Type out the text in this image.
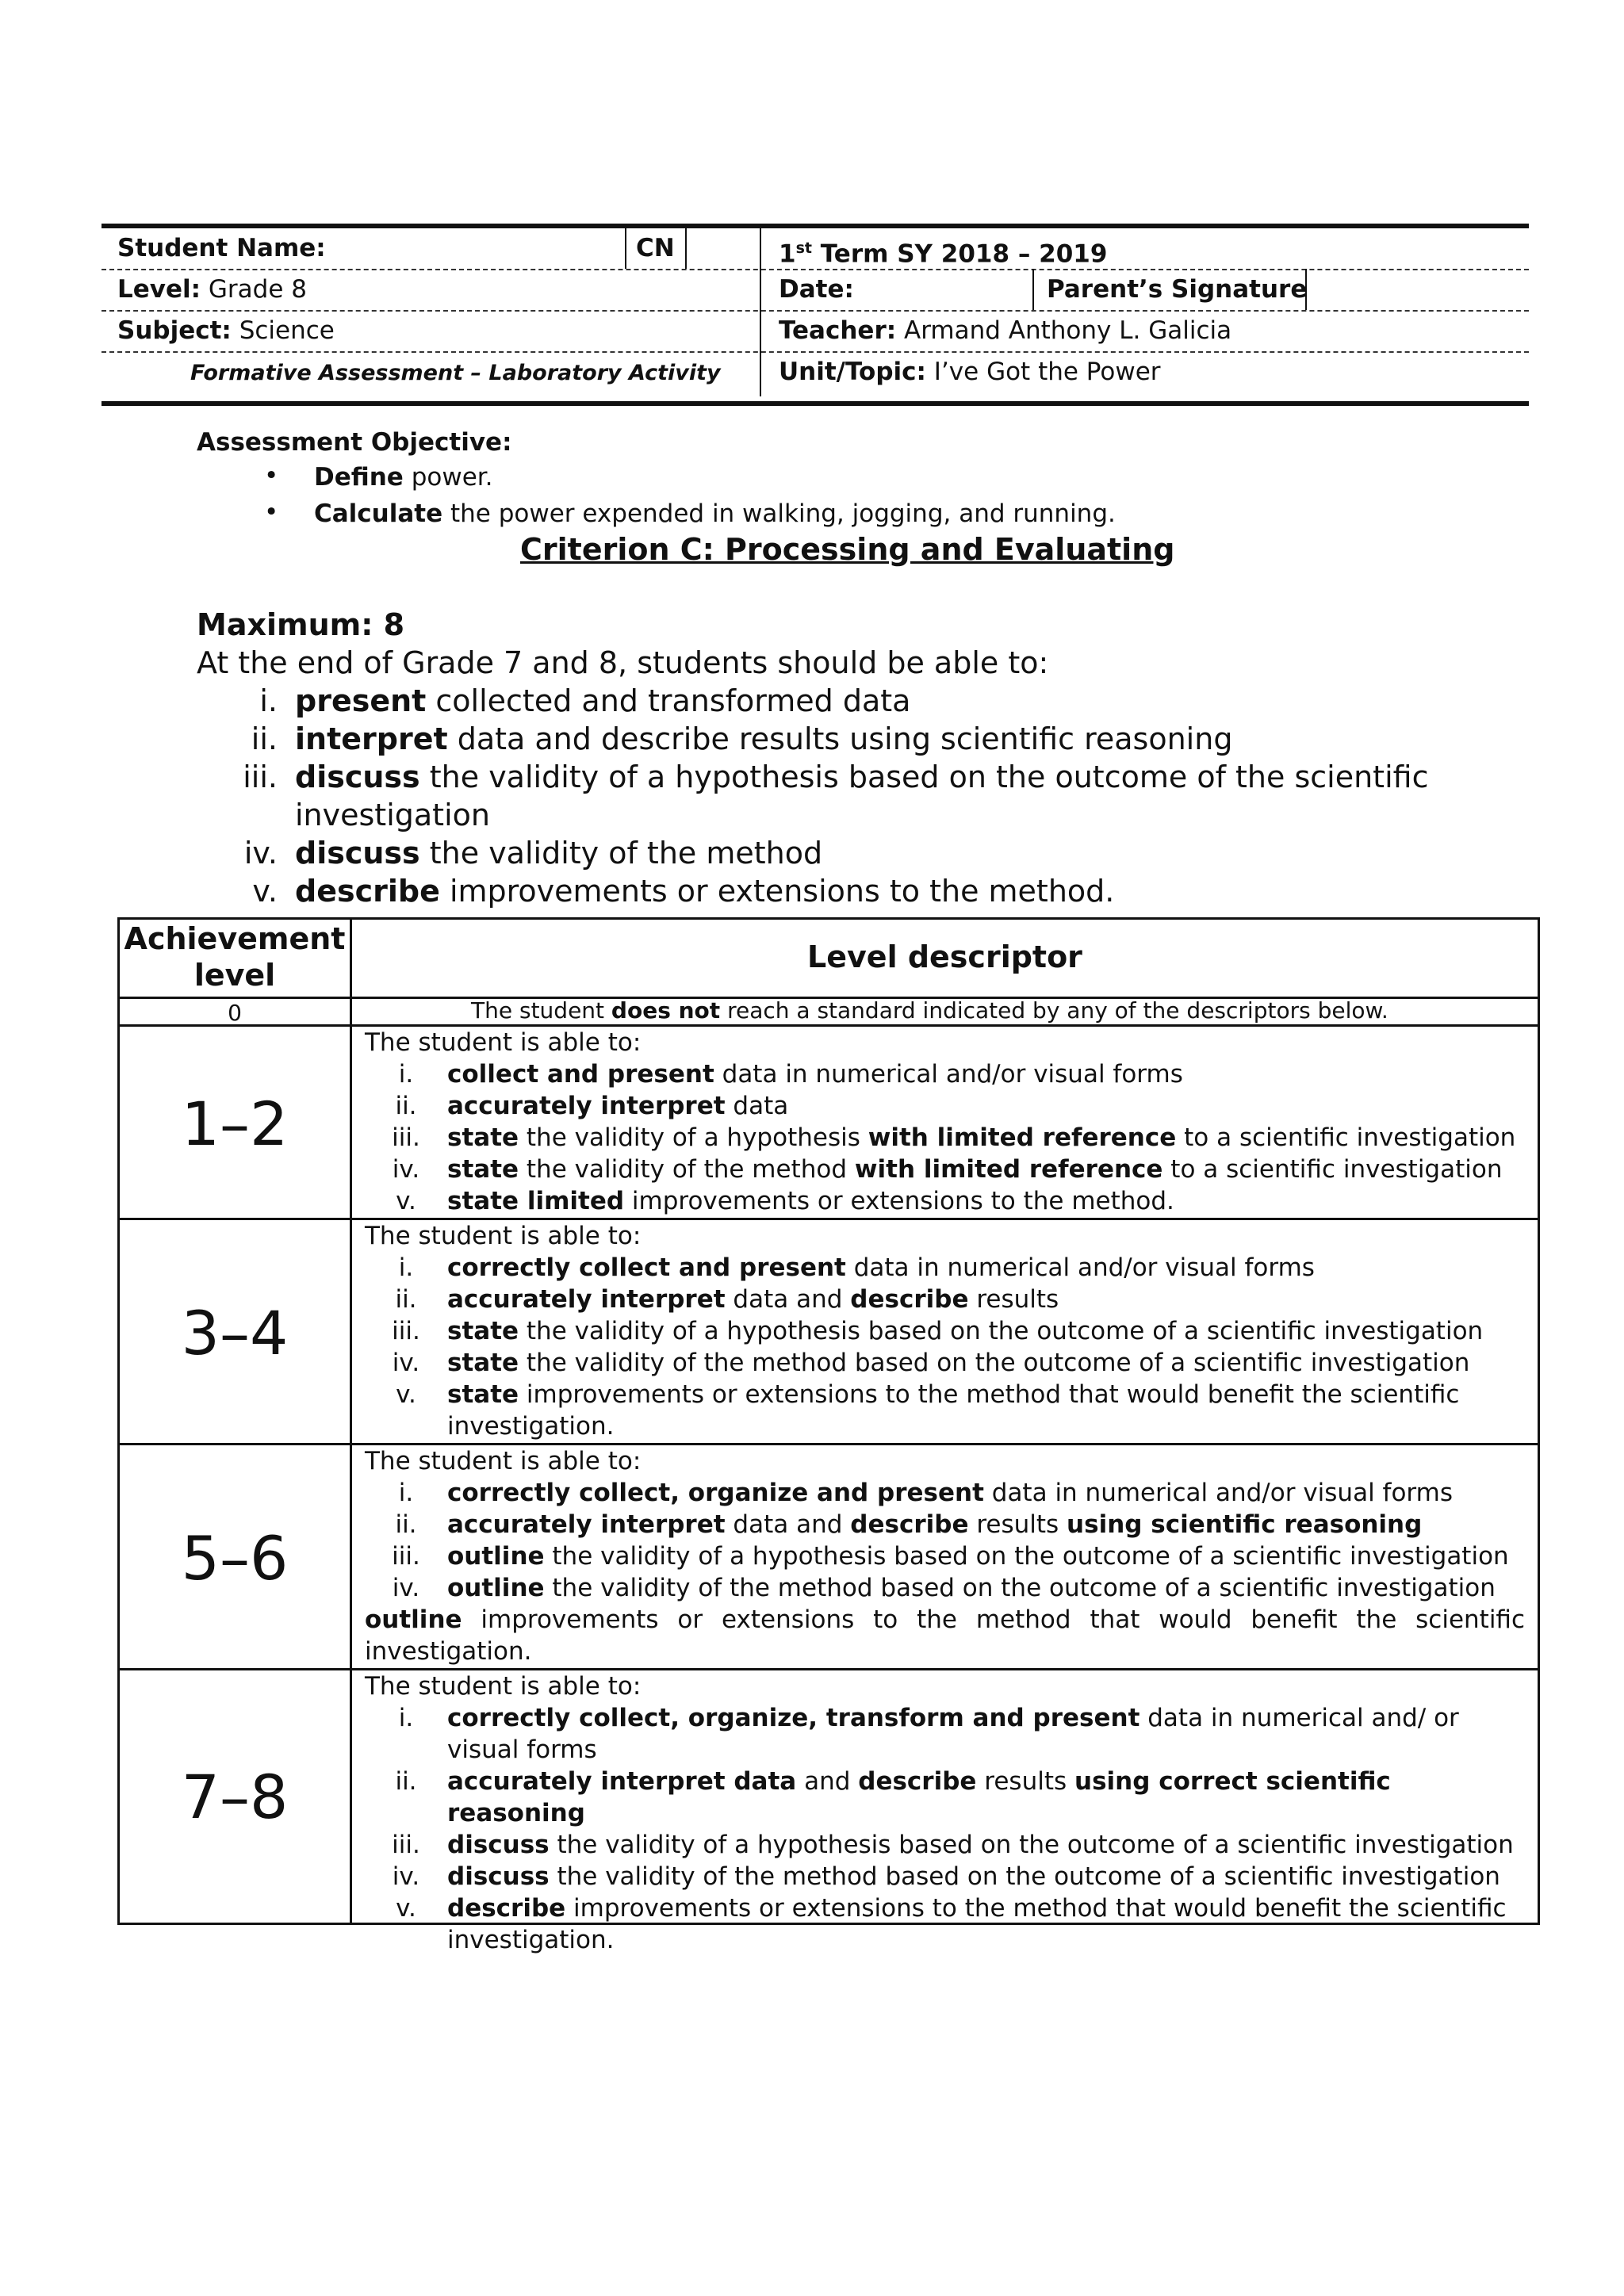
Student Name:	CN	1st Term SY 2018 – 2019
Level: Grade 8	Date:	Parent’s Signature
Subject: Science	Teacher: Armand Anthony L. Galicia
Formative Assessment – Laboratory Activity Unit/Topic: I’ve Got the Power
Assessment Objective:
• Define power.
• Calculate the power expended in walking, jogging, and running.
Criterion C: Processing and Evaluating
Maximum: 8
At the end of Grade 7 and 8, students should be able to:
i. present collected and transformed data
ii. interpret data and describe results using scientific reasoning
iii. discuss the validity of a hypothesis based on the outcome of the scientific
investigation
iv. discuss the validity of the method
v. describe improvements or extensions to the method.
Achievement level
Level descriptor
0	The student does not reach a standard indicated by any of the descriptors below.
1–2
The student is able to:
i.	collect and present data in numerical and/or visual forms
ii.	accurately interpret data
iii.	state the validity of a hypothesis with limited reference to a scientific investigation
iv.	state the validity of the method with limited reference to a scientific investigation
v.	state limited improvements or extensions to the method.
3–4
The student is able to:
i.	correctly collect and present data in numerical and/or visual forms
ii.	accurately interpret data and describe results
iii.	state the validity of a hypothesis based on the outcome of a scientific investigation
iv.	state the validity of the method based on the outcome of a scientific investigation
v.	state improvements or extensions to the method that would benefit the scientific investigation.
5–6
The student is able to:
i.	correctly collect, organize and present data in numerical and/or visual forms
ii.	accurately interpret data and describe results using scientific reasoning
iii.	outline the validity of a hypothesis based on the outcome of a scientific investigation
iv.	outline the validity of the method based on the outcome of a scientific investigation
outline improvements or extensions to the method that would benefit the scientific investigation.
7–8
The student is able to:
i.	correctly collect, organize, transform and present data in numerical and/ or visual forms
ii.	accurately interpret data and describe results using correct scientific reasoning
iii.	discuss the validity of a hypothesis based on the outcome of a scientific investigation
iv.	discuss the validity of the method based on the outcome of a scientific investigation
v.	describe improvements or extensions to the method that would benefit the scientific investigation.
